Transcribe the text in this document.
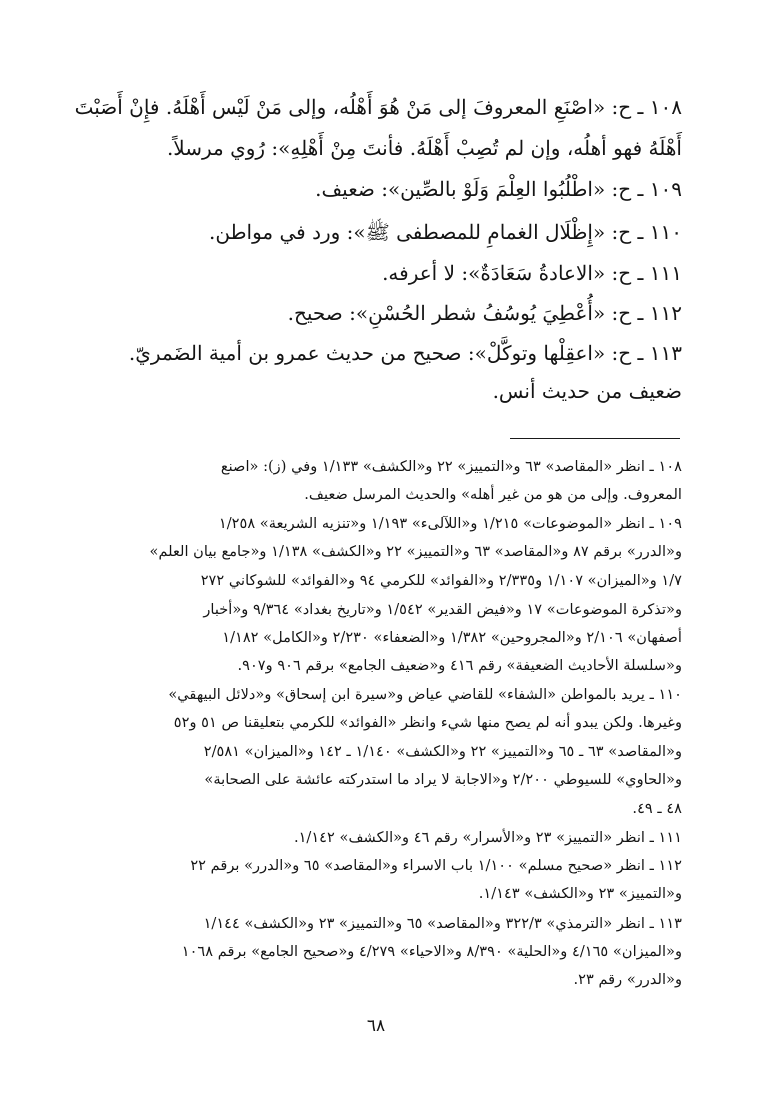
١٠٨ ـ ح: «اصْنَعِ المعروفَ إلى مَنْ هُوَ أَهْلُه، وإلى مَنْ لَيْس أَهْلَهُ. فإِنْ أَصَبْتَ
أَهْلَهُ فهو أهلُه، وإن لم تُصِبْ أَهْلَهُ. فأنتَ مِنْ أَهْلِهِ»: رُوي مرسلاً.
١٠٩ ـ ح: «اطْلُبُوا العِلْمَ وَلَوْ بالصِّين»: ضعيف.
١١٠ ـ ح: «إِظْلَال الغمامِ للمصطفى ﷺ»: ورد في مواطن.
١١١ ـ ح: «الاعادةُ سَعَادَةٌ»: لا أعرفه.
١١٢ ـ ح: «أُعْطِيَ يُوسُفُ شطر الحُسْنِ»: صحيح.
١١٣ ـ ح: «اعقِلْها وتوكَّلْ»: صحيح من حديث عمرو بن أمية الضَمريّ.
ضعيف من حديث أنس.
١٠٨ ـ انظر «المقاصد» ٦٣ و«التمييز» ٢٢ و«الكشف» ١/١٣٣ وفي (ز): «اصنع
المعروف. وإلى من هو من غير أهله» والحديث المرسل ضعيف.
١٠٩ ـ انظر «الموضوعات» ١/٢١٥ و«اللآلىء» ١/١٩٣ و«تنزيه الشريعة» ١/٢٥٨
و«الدرر» برقم ٨٧ و«المقاصد» ٦٣ و«التمييز» ٢٢ و«الكشف» ١/١٣٨ و«جامع بيان العلم»
١/٧ و«الميزان» ١/١٠٧ و٢/٣٣٥ و«الفوائد» للكرمي ٩٤ و«الفوائد» للشوكاني ٢٧٢
و«تذكرة الموضوعات» ١٧ و«فيض القدير» ١/٥٤٢ و«تاريخ بغداد» ٩/٣٦٤ و«أخبار
أصفهان» ٢/١٠٦ و«المجروحين» ١/٣٨٢ و«الضعفاء» ٢/٢٣٠ و«الكامل» ١/١٨٢
و«سلسلة الأحاديث الضعيفة» رقم ٤١٦ و«ضعيف الجامع» برقم ٩٠٦ و٩٠٧.
١١٠ ـ يريد بالمواطن «الشفاء» للقاضي عياض و«سيرة ابن إسحاق» و«دلائل البيهقي»
وغيرها. ولكن يبدو أنه لم يصح منها شيء وانظر «الفوائد» للكرمي بتعليقنا ص ٥١ و٥٢
و«المقاصد» ٦٣ ـ ٦٥ و«التمييز» ٢٢ و«الكشف» ١/١٤٠ ـ ١٤٢ و«الميزان» ٢/٥٨١
و«الحاوي» للسيوطي ٢/٢٠٠ و«الاجابة لا يراد ما استدركته عائشة على الصحابة»
٤٨ ـ ٤٩.
١١١ ـ انظر «التمييز» ٢٣ و«الأسرار» رقم ٤٦ و«الكشف» ١/١٤٢.
١١٢ ـ انظر «صحيح مسلم» ١/١٠٠ باب الاسراء و«المقاصد» ٦٥ و«الدرر» برقم ٢٢
و«التمييز» ٢٣ و«الكشف» ١/١٤٣.
١١٣ ـ انظر «الترمذي» ٣٢٢/٣ و«المقاصد» ٦٥ و«التمييز» ٢٣ و«الكشف» ١/١٤٤
و«الميزان» ٤/١٦٥ و«الحلية» ٨/٣٩٠ و«الاحياء» ٤/٢٧٩ و«صحيح الجامع» برقم ١٠٦٨
و«الدرر» رقم ٢٣.
٦٨
